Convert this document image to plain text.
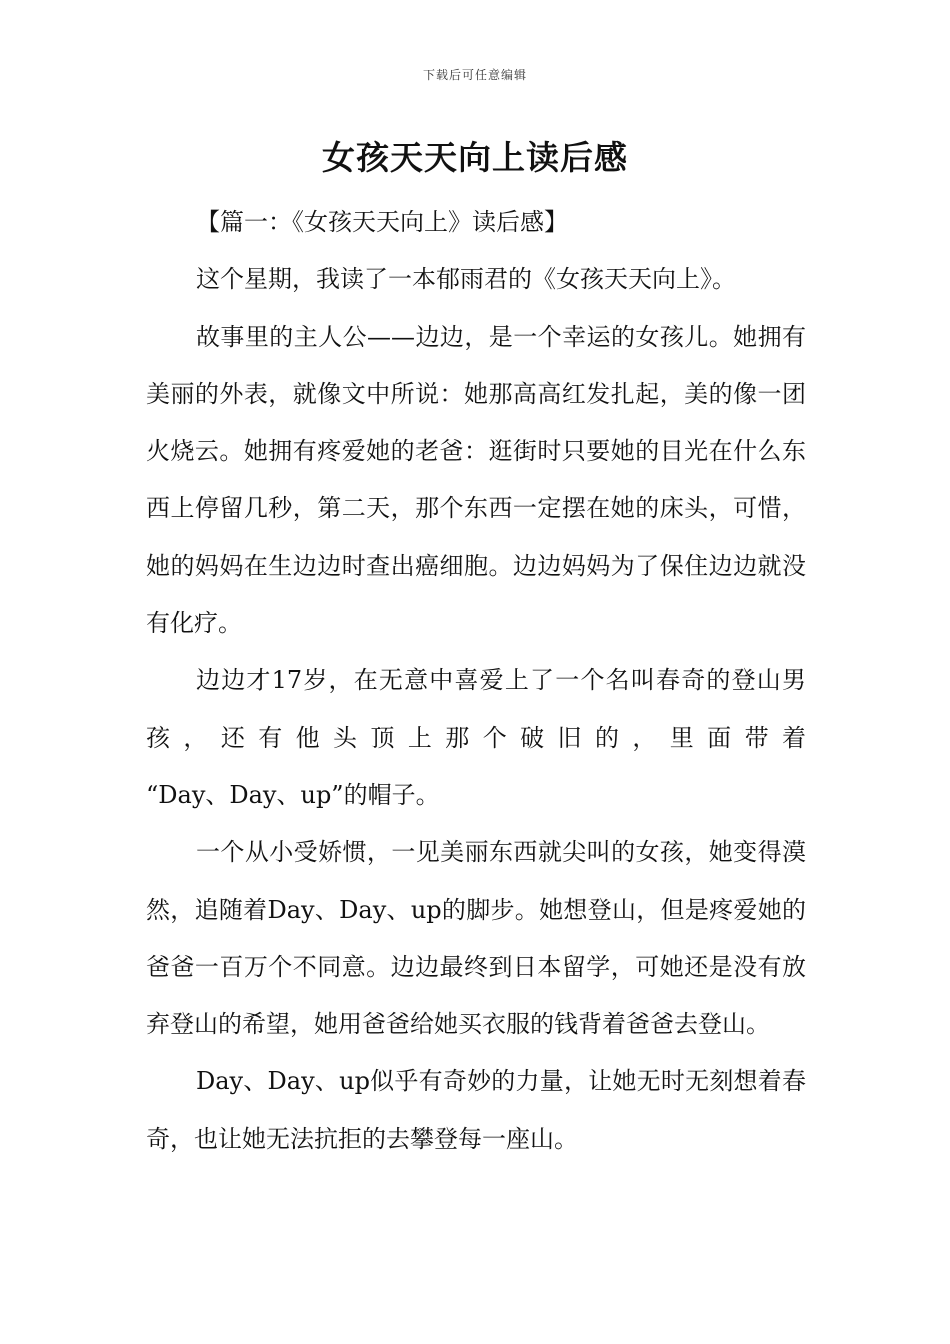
下载后可任意编辑
女孩天天向上读后感

【篇一：《女孩天天向上》读后感】

这个星期，我读了一本郁雨君的《女孩天天向上》。

故事里的主人公——边边，是一个幸运的女孩儿。她拥有美丽的外表，就像文中所说：她那高高红发扎起，美的像一团火烧云。她拥有疼爱她的老爸：逛街时只要她的目光在什么东西上停留几秒，第二天，那个东西一定摆在她的床头，可惜，她的妈妈在生边边时查出癌细胞。边边妈妈为了保住边边就没有化疗。

边边才17岁，在无意中喜爱上了一个名叫春奇的登山男孩，还有他头顶上那个破旧的，里面带着

“Day、Day、up”的帽子。

一个从小受娇惯，一见美丽东西就尖叫的女孩，她变得漠然，追随着Day、Day、up的脚步。她想登山，但是疼爱她的爸爸一百万个不同意。边边最终到日本留学，可她还是没有放弃登山的希望，她用爸爸给她买衣服的钱背着爸爸去登山。

Day、Day、up似乎有奇妙的力量，让她无时无刻想着春奇，也让她无法抗拒的去攀登每一座山。
